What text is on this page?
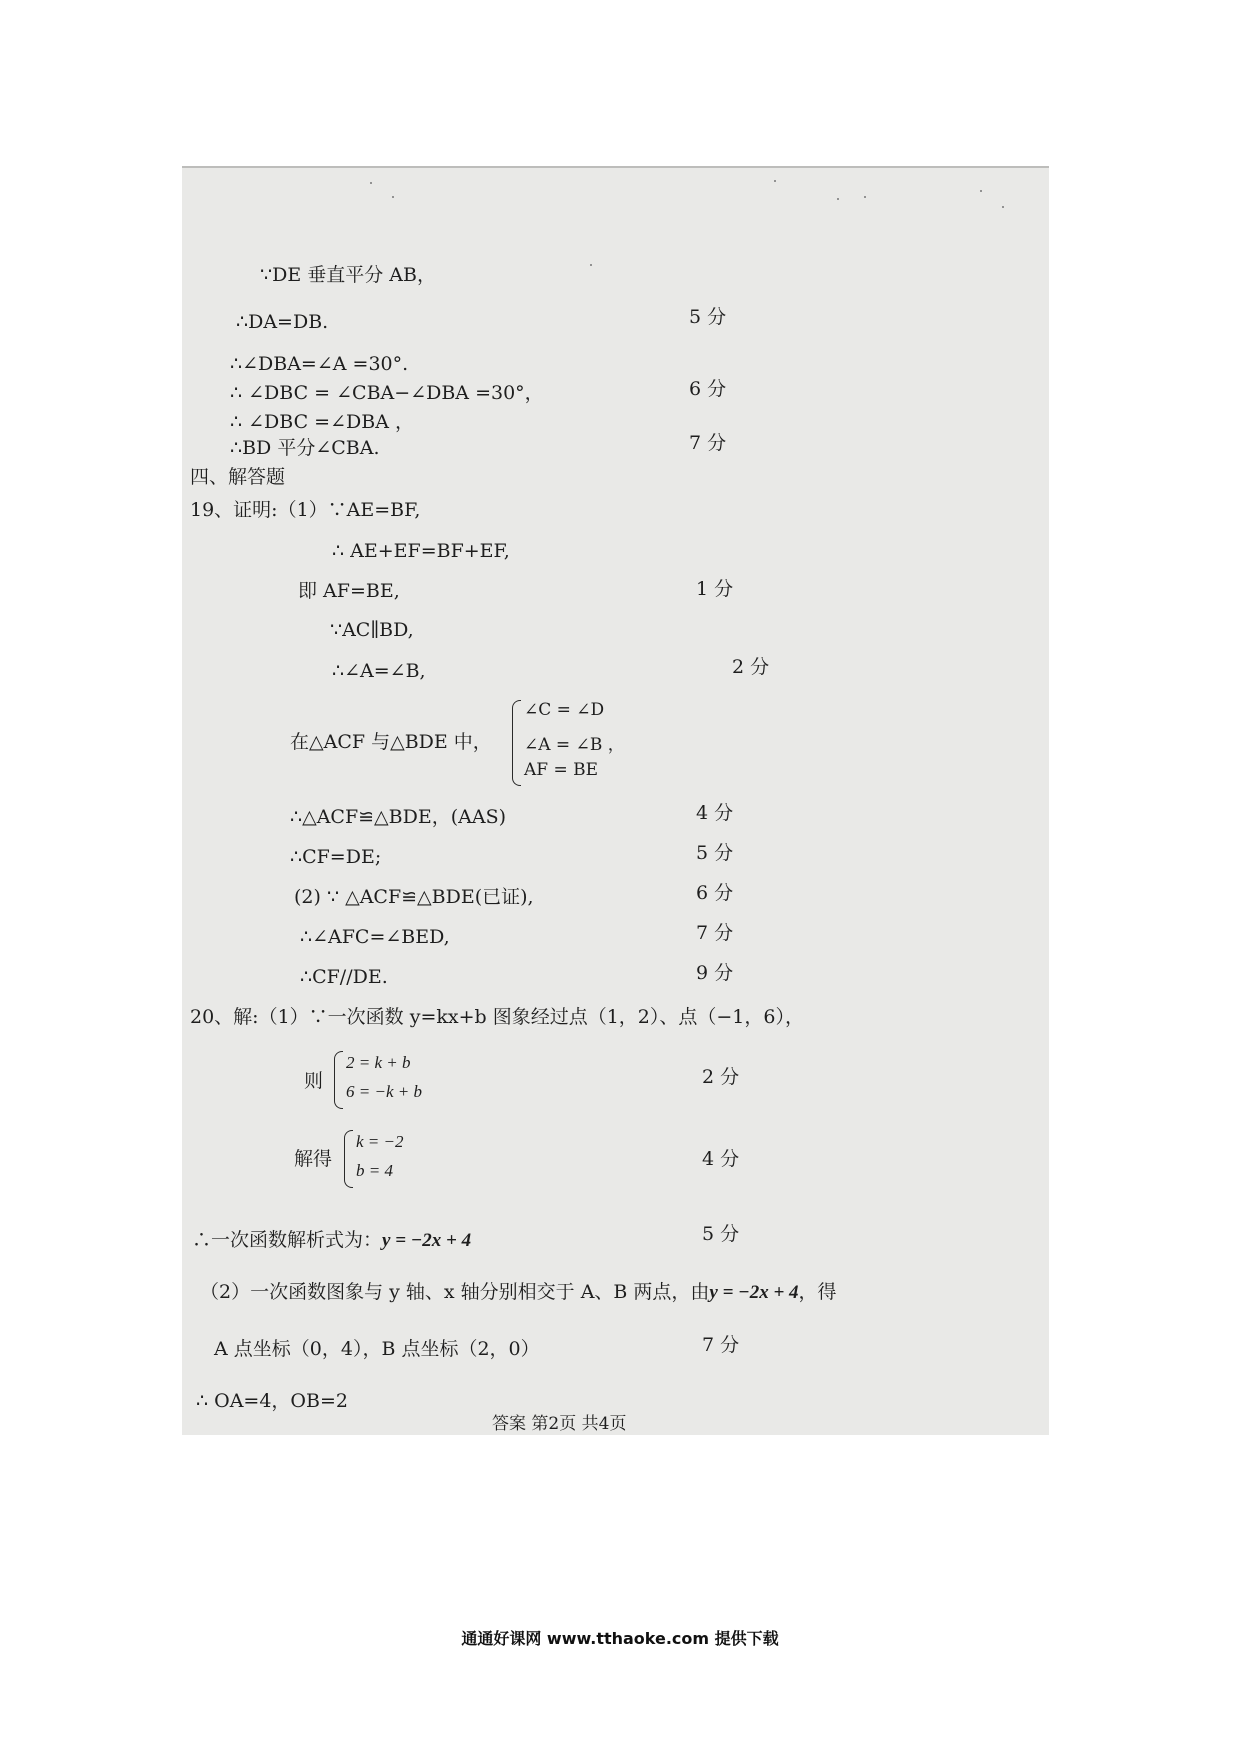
∵DE 垂直平分 AB，
∴DA=DB.
∴∠DBA=∠A =30°.
∴ ∠DBC = ∠CBA−∠DBA =30°，
∴ ∠DBC =∠DBA ，
∴BD 平分∠CBA.
5 分
6 分
7 分
四、解答题
19、证明:（1）∵AE=BF,
∴ AE+EF=BF+EF,
即 AF=BE,
∵AC∥BD,
∴∠A=∠B,
在△ACF 与△BDE 中，
∠C = ∠D
∠A = ∠B ，
AF = BE
∴△ACF≌△BDE，(AAS)
∴CF=DE;
(2) ∵ △ACF≌△BDE(已证),
∴∠AFC=∠BED,
∴CF//DE.
1 分
2 分
4 分
5 分
6 分
7 分
9 分
20、解:（1）∵一次函数 y=kx+b 图象经过点（1，2）、点（−1，6），
则
2 = k + b
6 = −k + b
解得
k = −2
b = 4
∴一次函数解析式为：y = −2x + 4
（2）一次函数图象与 y 轴、x 轴分别相交于 A、B 两点，由y = −2x + 4，得
A 点坐标（0，4），B 点坐标（2，0）
∴ OA=4，OB=2
2 分
4 分
5 分
7 分
答案 第2页 共4页
通通好课网 www.tthaoke.com 提供下载
